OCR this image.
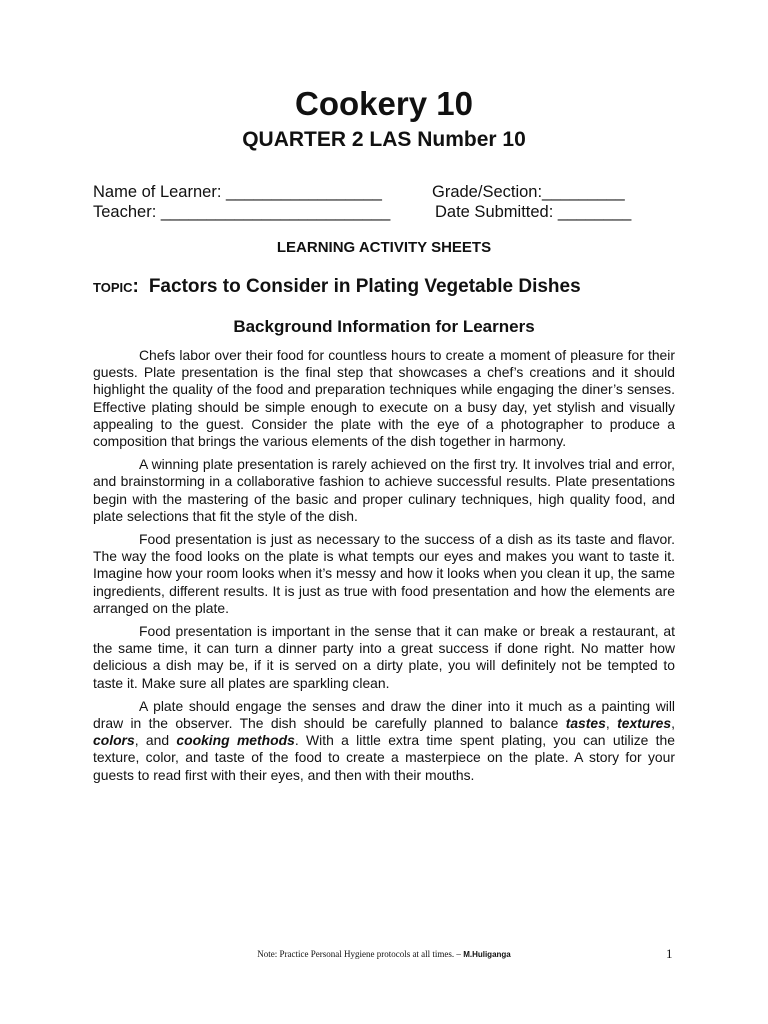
Cookery 10
QUARTER 2 LAS Number 10
Name of Learner: _________________	Grade/Section:_________
Teacher: _________________________	Date Submitted: ________
LEARNING ACTIVITY SHEETS
TOPIC: Factors to Consider in Plating Vegetable Dishes
Background Information for Learners

Chefs labor over their food for countless hours to create a moment of pleasure for their guests. Plate presentation is the final step that showcases a chef’s creations and it should highlight the quality of the food and preparation techniques while engaging the diner’s senses. Effective plating should be simple enough to execute on a busy day, yet stylish and visually appealing to the guest. Consider the plate with the eye of a photographer to produce a composition that brings the various elements of the dish together in harmony.

A winning plate presentation is rarely achieved on the first try. It involves trial and error, and brainstorming in a collaborative fashion to achieve successful results. Plate presentations begin with the mastering of the basic and proper culinary techniques, high quality food, and plate selections that fit the style of the dish.

Food presentation is just as necessary to the success of a dish as its taste and flavor. The way the food looks on the plate is what tempts our eyes and makes you want to taste it. Imagine how your room looks when it’s messy and how it looks when you clean it up, the same ingredients, different results. It is just as true with food presentation and how the elements are arranged on the plate.

Food presentation is important in the sense that it can make or break a restaurant, at the same time, it can turn a dinner party into a great success if done right. No matter how delicious a dish may be, if it is served on a dirty plate, you will definitely not be tempted to taste it. Make sure all plates are sparkling clean.

A plate should engage the senses and draw the diner into it much as a painting will draw in the observer. The dish should be carefully planned to balance tastes, textures, colors, and cooking methods. With a little extra time spent plating, you can utilize the texture, color, and taste of the food to create a masterpiece on the plate. A story for your guests to read first with their eyes, and then with their mouths.

Note: Practice Personal Hygiene protocols at all times. – M.Huliganga	1
